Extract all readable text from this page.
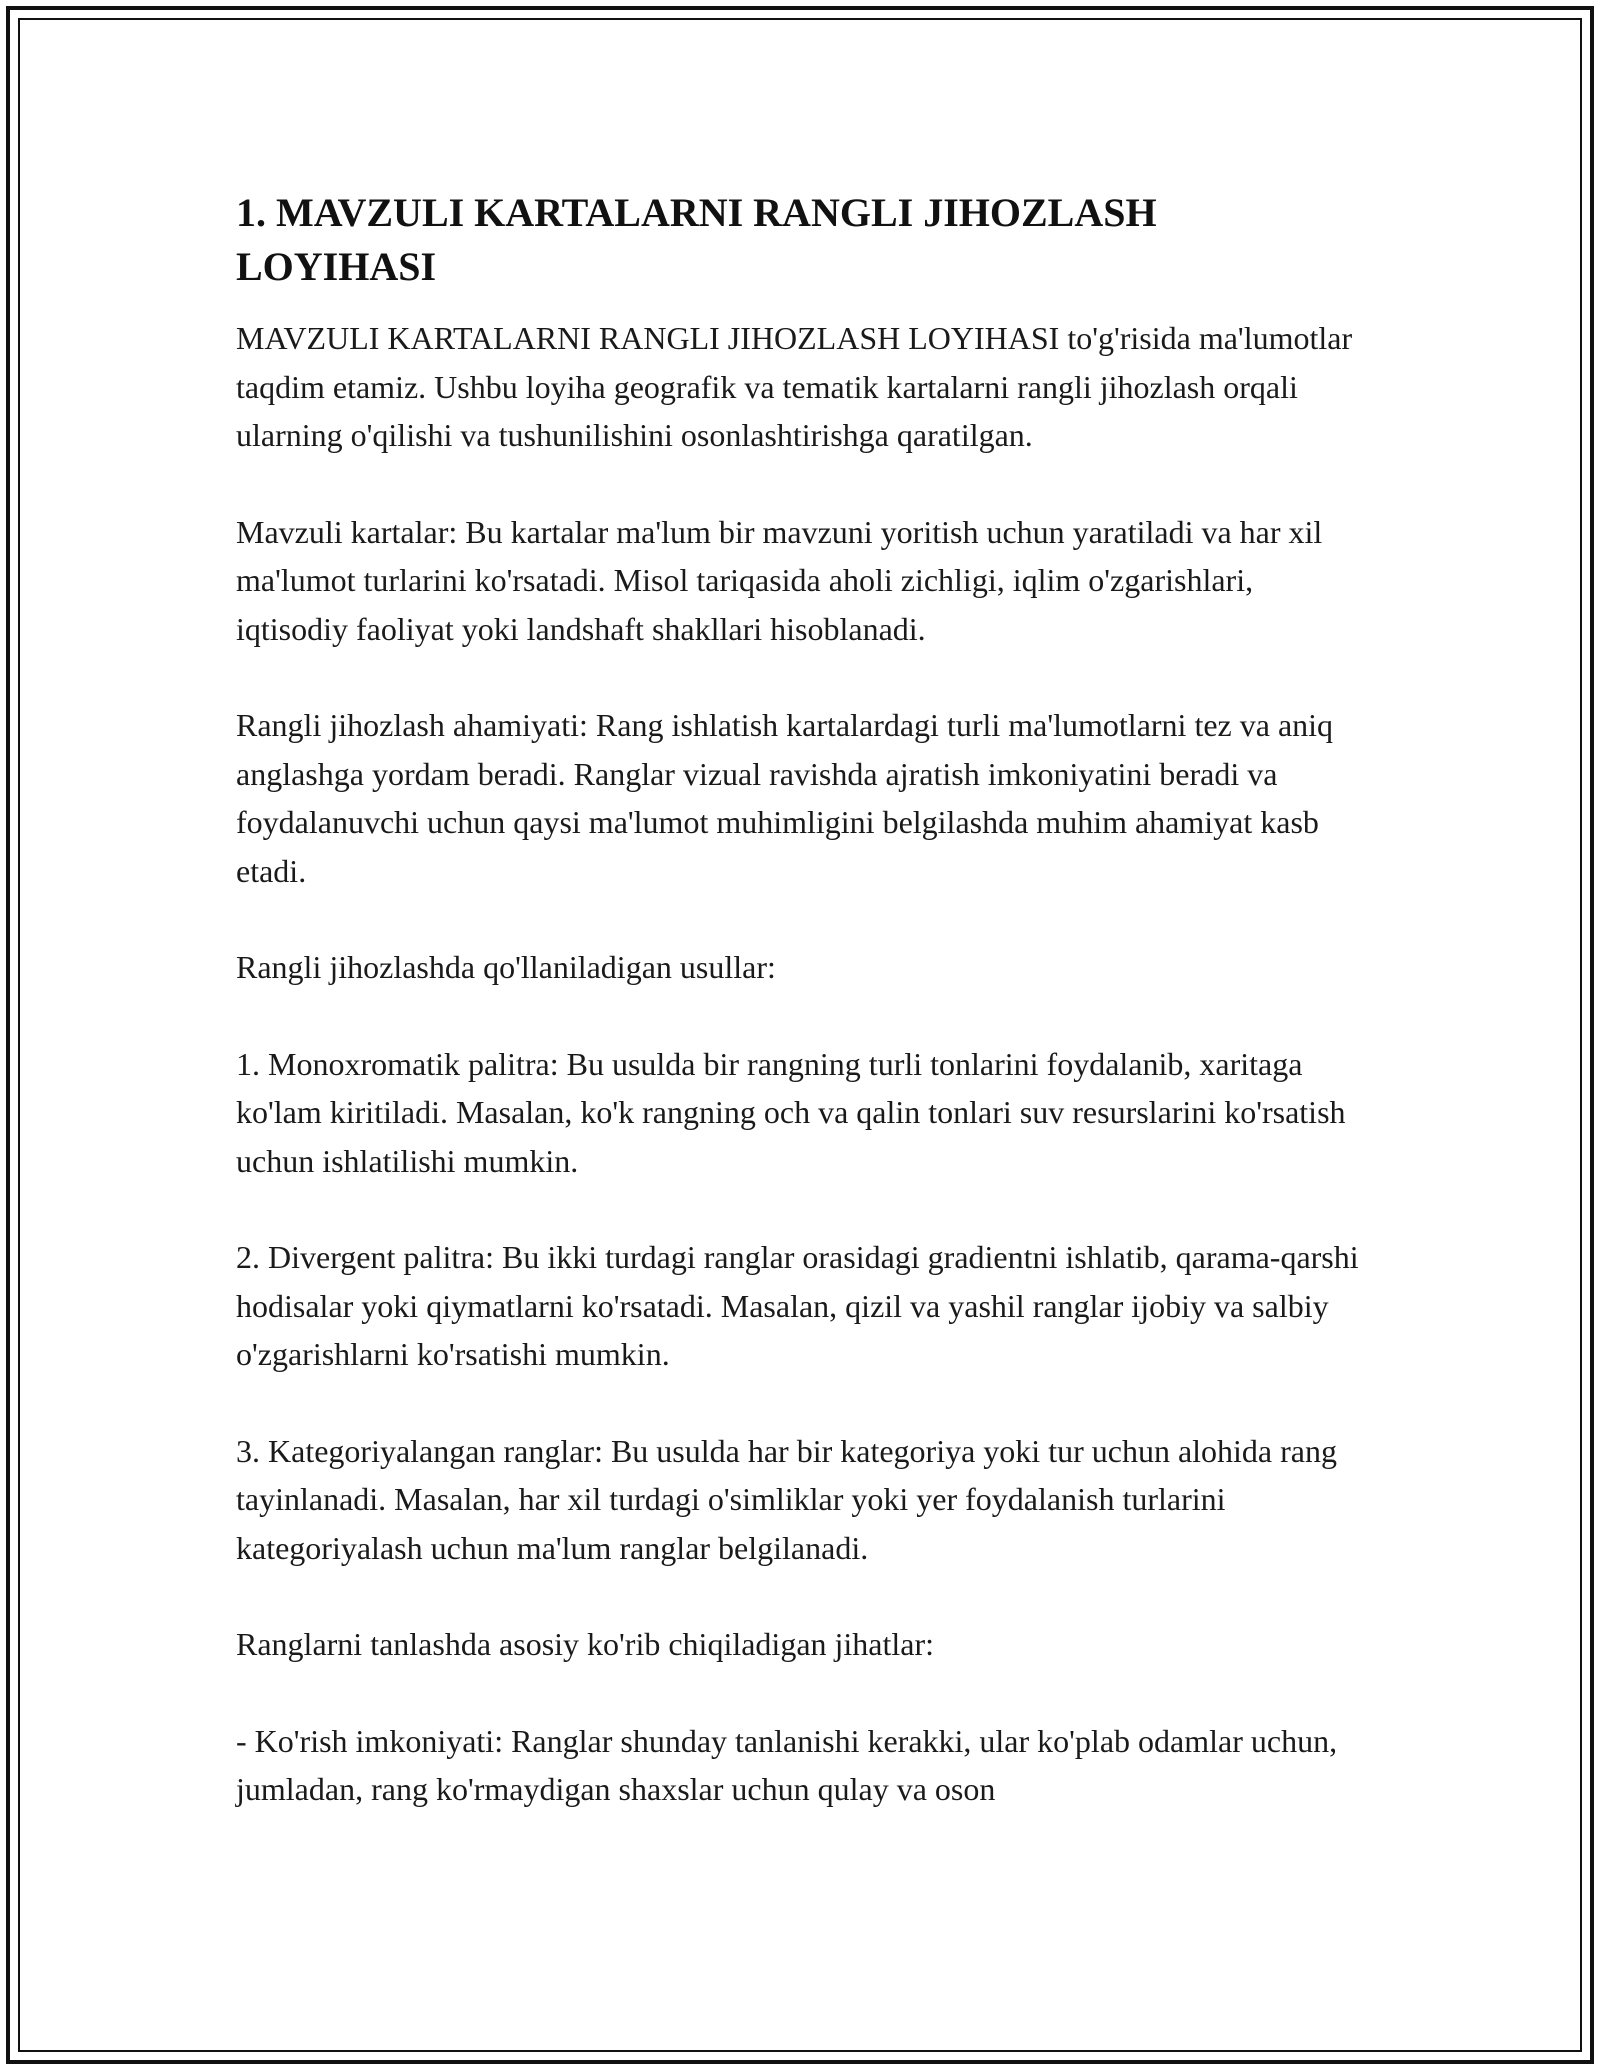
1. MAVZULI KARTALARNI RANGLI JIHOZLASH LOYIHASI

MAVZULI KARTALARNI RANGLI JIHOZLASH LOYIHASI to'g'risida ma'lumotlar taqdim etamiz. Ushbu loyiha geografik va tematik kartalarni rangli jihozlash orqali ularning o'qilishi va tushunilishini osonlashtirishga qaratilgan.

Mavzuli kartalar: Bu kartalar ma'lum bir mavzuni yoritish uchun yaratiladi va har xil ma'lumot turlarini ko'rsatadi. Misol tariqasida aholi zichligi, iqlim o'zgarishlari, iqtisodiy faoliyat yoki landshaft shakllari hisoblanadi.

Rangli jihozlash ahamiyati: Rang ishlatish kartalardagi turli ma'lumotlarni tez va aniq anglashga yordam beradi. Ranglar vizual ravishda ajratish imkoniyatini beradi va foydalanuvchi uchun qaysi ma'lumot muhimligini belgilashda muhim ahamiyat kasb etadi.

Rangli jihozlashda qo'llaniladigan usullar:

1. Monoxromatik palitra: Bu usulda bir rangning turli tonlarini foydalanib, xaritaga ko'lam kiritiladi. Masalan, ko'k rangning och va qalin tonlari suv resurslarini ko'rsatish uchun ishlatilishi mumkin.

2. Divergent palitra: Bu ikki turdagi ranglar orasidagi gradientni ishlatib, qarama-qarshi hodisalar yoki qiymatlarni ko'rsatadi. Masalan, qizil va yashil ranglar ijobiy va salbiy o'zgarishlarni ko'rsatishi mumkin.

3. Kategoriyalangan ranglar: Bu usulda har bir kategoriya yoki tur uchun alohida rang tayinlanadi. Masalan, har xil turdagi o'simliklar yoki yer foydalanish turlarini kategoriyalash uchun ma'lum ranglar belgilanadi.

Ranglarni tanlashda asosiy ko'rib chiqiladigan jihatlar:

- Ko'rish imkoniyati: Ranglar shunday tanlanishi kerakki, ular ko'plab odamlar uchun, jumladan, rang ko'rmaydigan shaxslar uchun qulay va oson
